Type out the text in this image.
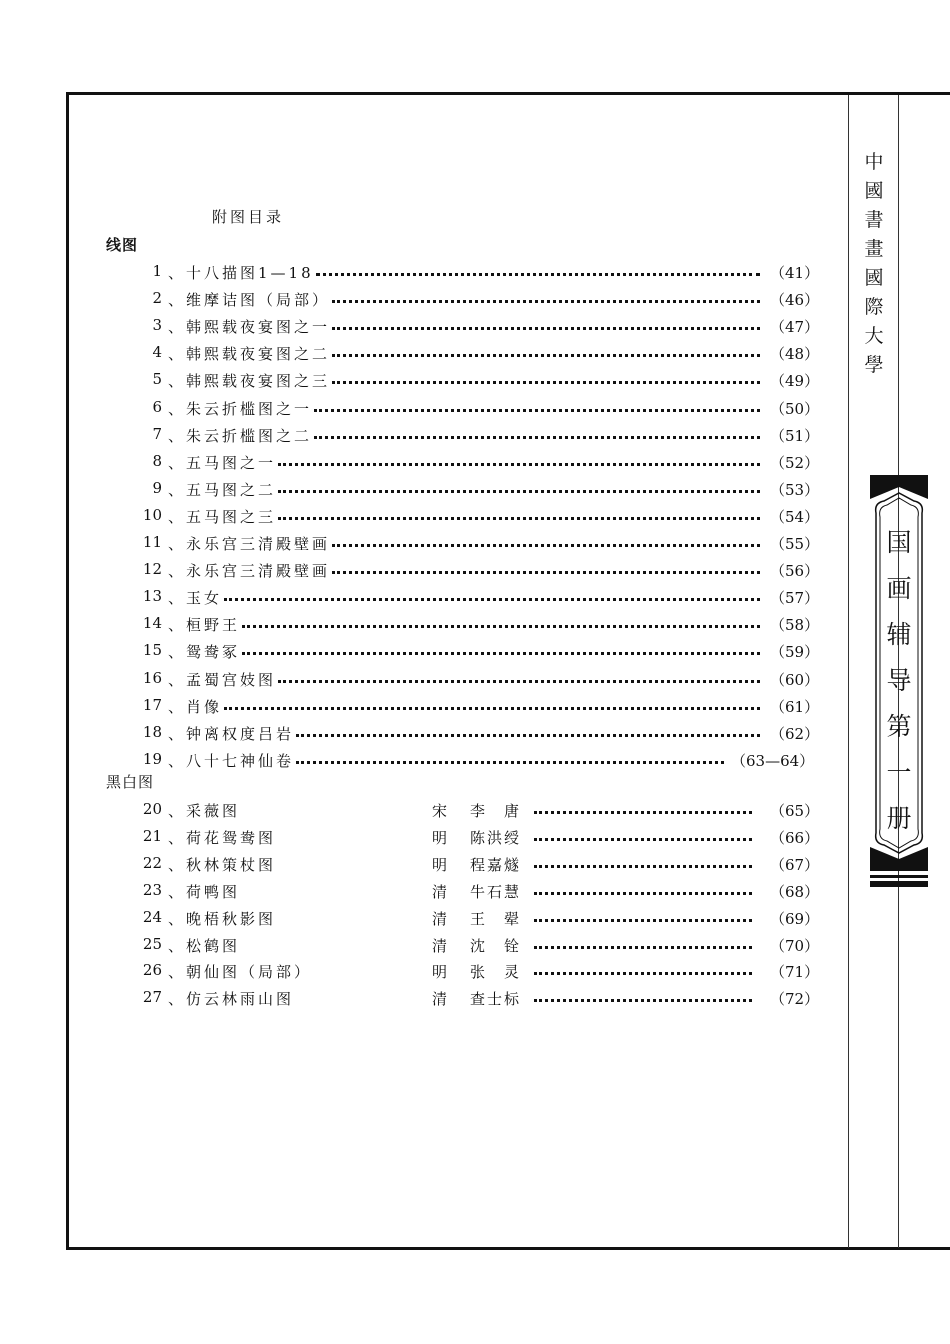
中
國
書
畫
國
際
大
學
国
画
辅
导
第
一
册
附图目录
线图
黑白图
1 、十八描图1—18	（41）
2 、维摩诘图（局部）	（46）
3 、韩熙载夜宴图之一	（47）
4 、韩熙载夜宴图之二	（48）
5 、韩熙载夜宴图之三	（49）
6 、朱云折槛图之一	（50）
7 、朱云折槛图之二	（51）
8 、五马图之一	（52）
9 、五马图之二	（53）
10 、五马图之三	（54）
11 、永乐宫三清殿壁画	（55）
12 、永乐宫三清殿壁画	（56）
13 、玉女	（57）
14 、桓野王	（58）
15 、鸳鸯冢	（59）
16 、孟蜀宫妓图	（60）
17 、肖像	（61）
18 、钟离权度吕岩	（62）
19 、八十七神仙卷	（63—64）
20 、采薇图	宋 李　唐	（65）
21 、荷花鸳鸯图	明 陈洪绶	（66）
22 、秋林策杖图	明 程嘉燧	（67）
23 、荷鸭图	清 牛石慧	（68）
24 、晚梧秋影图	清 王　翚	（69）
25 、松鹤图	清 沈　铨	（70）
26 、朝仙图（局部）	明 张　灵	（71）
27 、仿云林雨山图	清 查士标	（72）
